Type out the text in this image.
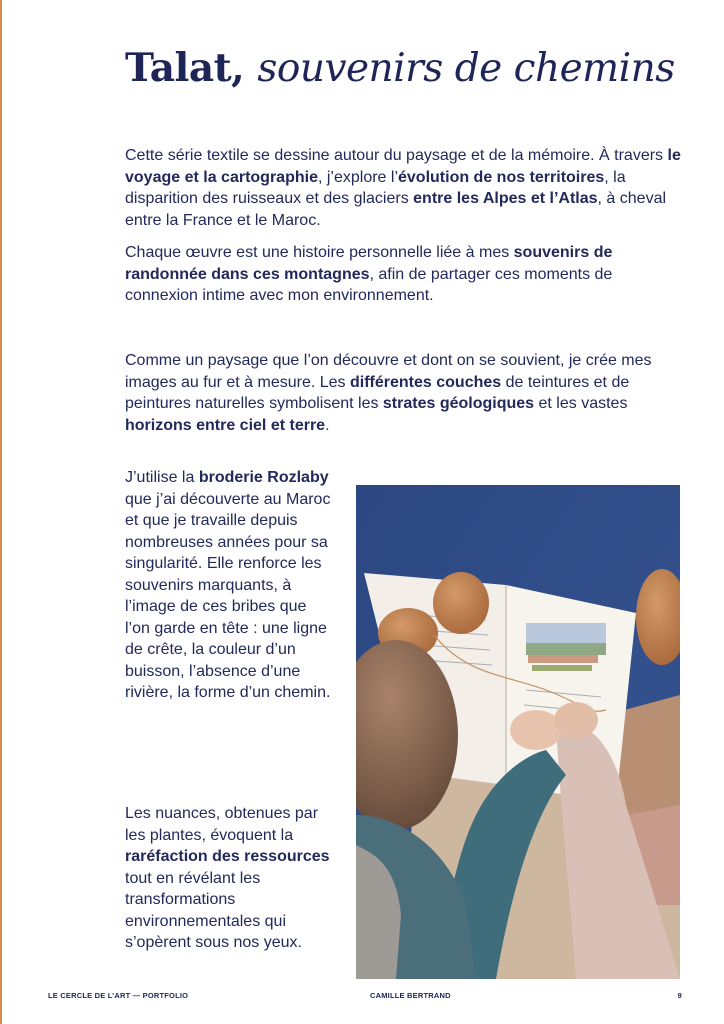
Talat, souvenirs de chemins

Cette série textile se dessine autour du paysage et de la mémoire. À travers le voyage et la cartographie, j’explore l’évolution de nos territoires, la disparition des ruisseaux et des glaciers entre les Alpes et l’Atlas, à cheval entre la France et le Maroc.

Chaque œuvre est une histoire personnelle liée à mes souvenirs de randonnée dans ces montagnes, afin de partager ces moments de connexion intime avec mon environnement.

Comme un paysage que l’on découvre et dont on se souvient, je crée mes images au fur et à mesure. Les différentes couches de teintures et de peintures naturelles symbolisent les strates géologiques et les vastes horizons entre ciel et terre.

J’utilise la broderie Rozlaby que j’ai découverte au Maroc et que je travaille depuis nombreuses années pour sa singularité. Elle renforce les souvenirs marquants, à l’image de ces bribes que l’on garde en tête : une ligne de crête, la couleur d’un buisson, l’absence d’une rivière, la forme d’un chemin.

Les nuances, obtenues par les plantes, évoquent la raréfaction des ressources tout en révélant les transformations environnementales qui s’opèrent sous nos yeux.

LE CERCLE DE L’ART — PORTFOLIO	CAMILLE BERTRAND	9
